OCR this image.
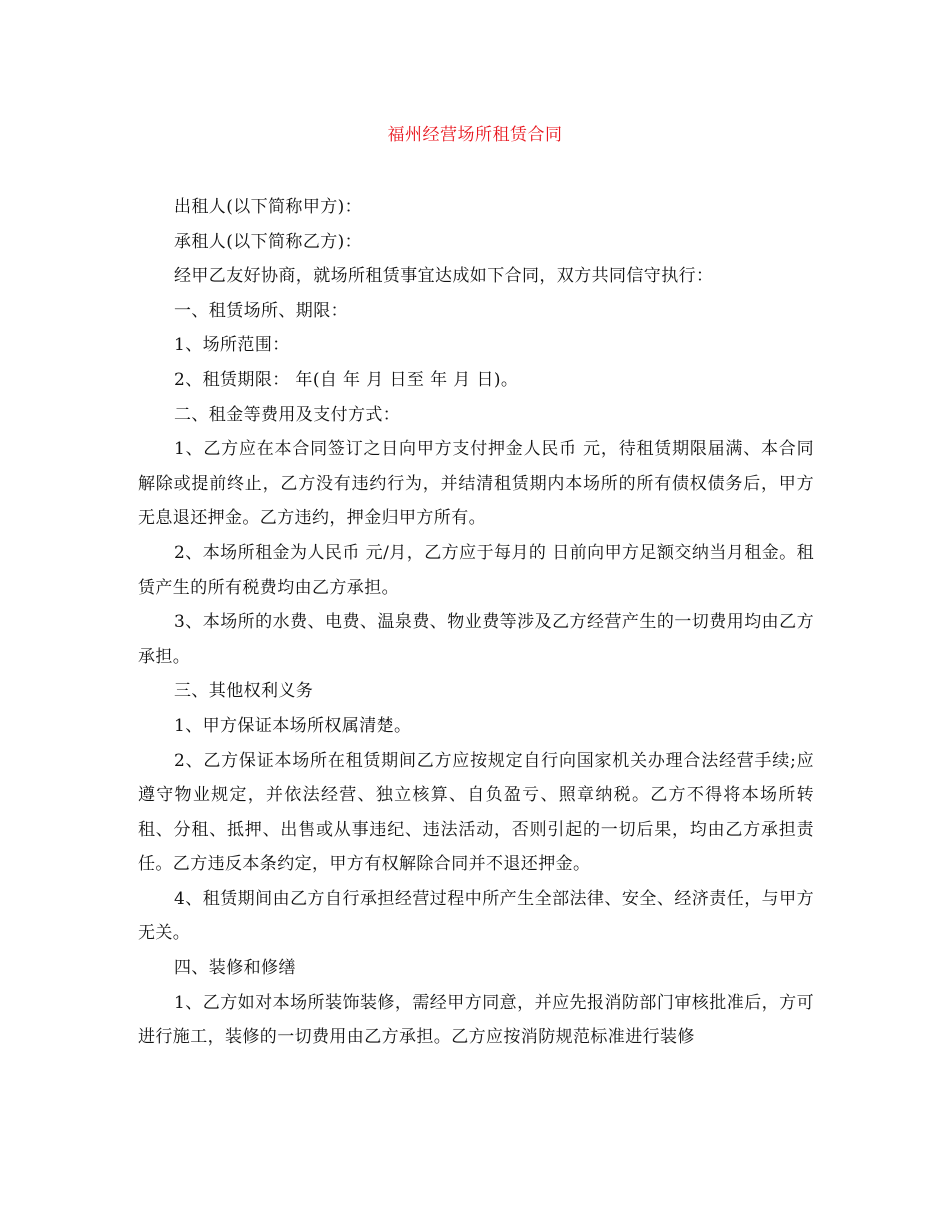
福州经营场所租赁合同

出租人(以下简称甲方)：

承租人(以下简称乙方)：

经甲乙友好协商，就场所租赁事宜达成如下合同，双方共同信守执行：

一、租赁场所、期限：

1、场所范围：

2、租赁期限： 年(自 年 月 日至 年 月 日)。

二、租金等费用及支付方式：

1、乙方应在本合同签订之日向甲方支付押金人民币 元，待租赁期限届满、本合同解除或提前终止，乙方没有违约行为，并结清租赁期内本场所的所有债权债务后，甲方无息退还押金。乙方违约，押金归甲方所有。

2、本场所租金为人民币 元/月，乙方应于每月的 日前向甲方足额交纳当月租金。租赁产生的所有税费均由乙方承担。

3、本场所的水费、电费、温泉费、物业费等涉及乙方经营产生的一切费用均由乙方承担。

三、其他权利义务

1、甲方保证本场所权属清楚。

2、乙方保证本场所在租赁期间乙方应按规定自行向国家机关办理合法经营手续;应遵守物业规定，并依法经营、独立核算、自负盈亏、照章纳税。乙方不得将本场所转租、分租、抵押、出售或从事违纪、违法活动，否则引起的一切后果，均由乙方承担责任。乙方违反本条约定，甲方有权解除合同并不退还押金。

4、租赁期间由乙方自行承担经营过程中所产生全部法律、安全、经济责任，与甲方无关。

四、装修和修缮

1、乙方如对本场所装饰装修，需经甲方同意，并应先报消防部门审核批准后，方可进行施工，装修的一切费用由乙方承担。乙方应按消防规范标准进行装修
